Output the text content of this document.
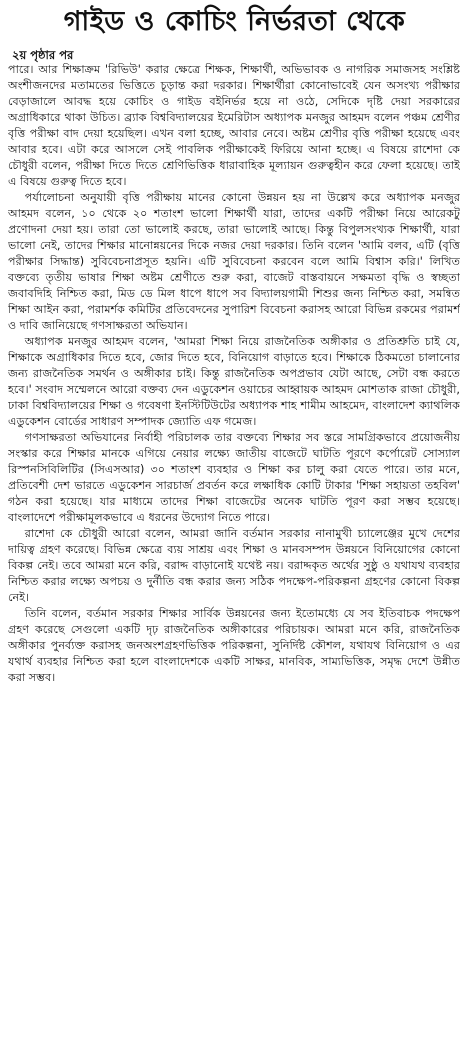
গাইড ও কোচিং নির্ভরতা থেকে
২য় পৃষ্ঠার পর

পারে। আর শিক্ষাক্রম 'রিভিউ' করার ক্ষেত্রে শিক্ষক, শিক্ষার্থী, অভিভাবক ও নাগরিক সমাজসহ সংশ্লিষ্ট অংশীজনদের মতামতের ভিত্তিতে চূড়ান্ত করা দরকার। শিক্ষার্থীরা কোনোভাবেই যেন অসংখ্য পরীক্ষার বেড়াজালে আবদ্ধ হয়ে কোচিং ও গাইড বইনির্ভর হয়ে না ওঠে, সেদিকে দৃষ্টি দেয়া সরকারের অগ্রাধিকারে থাকা উচিত। ব্র্যাক বিশ্ববিদ্যালয়ের ইমেরিটাস অধ্যাপক মনজুর আহমদ বলেন পঞ্চম শ্রেণীর বৃত্তি পরীক্ষা বাদ দেয়া হয়েছিল। এখন বলা হচ্ছে, আবার নেবে। অষ্টম শ্রেণীর বৃত্তি পরীক্ষা হয়েছে এবং আবার হবে। এটা করে আসলে সেই পাবলিক পরীক্ষাকেই ফিরিয়ে আনা হচ্ছে। এ বিষয়ে রাশেদা কে চৌধুরী বলেন, পরীক্ষা দিতে দিতে শ্রেণিভিত্তিক ধারাবাহিক মূল্যায়ন গুরুত্বহীন করে ফেলা হয়েছে। তাই এ বিষয়ে গুরুত্ব দিতে হবে।

পর্যালোচনা অনুযায়ী বৃত্তি পরীক্ষায় মানের কোনো উন্নয়ন হয় না উল্লেখ করে অধ্যাপক মনজুর আহমদ বলেন, ১০ থেকে ২০ শতাংশ ভালো শিক্ষার্থী যারা, তাদের একটি পরীক্ষা নিয়ে আরেকটু প্রণোদনা দেয়া হয়। তারা তো ভালোই করছে, তারা ভালোই আছে। কিন্তু বিপুলসংখ্যক শিক্ষার্থী, যারা ভালো নেই, তাদের শিক্ষার মানোন্নয়নের দিকে নজর দেয়া দরকার। তিনি বলেন 'আমি বলব, এটি (বৃত্তি পরীক্ষার সিদ্ধান্ত) সুবিবেচনাপ্রসূত হয়নি। এটি সুবিবেচনা করবেন বলে আমি বিশ্বাস করি।' লিখিত বক্তব্যে তৃতীয় ভাষার শিক্ষা অষ্টম শ্রেণীতে শুরু করা, বাজেট বাস্তবায়নে সক্ষমতা বৃদ্ধি ও স্বচ্ছতা জবাবদিহি নিশ্চিত করা, মিড ডে মিল ধাপে ধাপে সব বিদ্যালয়গামী শিশুর জন্য নিশ্চিত করা, সমন্বিত শিক্ষা আইন করা, পরামর্শক কমিটির প্রতিবেদনের সুপারিশ বিবেচনা করাসহ আরো বিভিন্ন রকমের পরামর্শ ও দাবি জানিয়েছে গণসাক্ষরতা অভিযান।

অধ্যাপক মনজুর আহমদ বলেন, 'আমরা শিক্ষা নিয়ে রাজনৈতিক অঙ্গীকার ও প্রতিশ্রুতি চাই যে, শিক্ষাকে অগ্রাধিকার দিতে হবে, জোর দিতে হবে, বিনিয়োগ বাড়াতে হবে। শিক্ষাকে ঠিকমতো চালানোর জন্য রাজনৈতিক সমর্থন ও অঙ্গীকার চাই। কিন্তু রাজনৈতিক অপপ্রভাব যেটা আছে, সেটা বন্ধ করতে হবে।' সংবাদ সম্মেলনে আরো বক্তব্য দেন এডুকেশন ওয়াচের আহ্বায়ক আহমদ মোশতাক রাজা চৌধুরী, ঢাকা বিশ্ববিদ্যালয়ের শিক্ষা ও গবেষণা ইনস্টিটিউটের অধ্যাপক শাহ শামীম আহমেদ, বাংলাদেশ ক্যাথলিক এডুকেশন বোর্ডের সাধারণ সম্পাদক জ্যোতি এফ গমেজ।

গণসাক্ষরতা অভিযানের নির্বাহী পরিচালক তার বক্তব্যে শিক্ষার সব স্তরে সামগ্রিকভাবে প্রয়োজনীয় সংস্কার করে শিক্ষার মানকে এগিয়ে নেয়ার লক্ষ্যে জাতীয় বাজেটে ঘাটতি পূরণে কর্পোরেট সোস্যাল রিস্পনসিবিলিটির (সিএসআর) ৩০ শতাংশ ব্যবহার ও শিক্ষা কর চালু করা যেতে পারে। তার মনে, প্রতিবেশী দেশ ভারতে এডুকেশন সারচার্জ প্রবর্তন করে লক্ষাধিক কোটি টাকার 'শিক্ষা সহায়তা তহবিল' গঠন করা হয়েছে। যার মাধ্যমে তাদের শিক্ষা বাজেটের অনেক ঘাটতি পূরণ করা সম্ভব হয়েছে। বাংলাদেশে পরীক্ষামূলকভাবে এ ধরনের উদ্যোগ নিতে পারে।

রাশেদা কে চৌধুরী আরো বলেন, আমরা জানি বর্তমান সরকার নানামুখী চ্যালেঞ্জের মুখে দেশের দায়িত্ব গ্রহণ করেছে। বিভিন্ন ক্ষেত্রে ব্যয় সাশ্রয় এবং শিক্ষা ও মানবসম্পদ উন্নয়নে বিনিয়োগের কোনো বিকল্প নেই। তবে আমরা মনে করি, বরাদ্দ বাড়ানোই যথেষ্ট নয়। বরাদ্দকৃত অর্থের সুষ্ঠু ও যথাযথ ব্যবহার নিশ্চিত করার লক্ষ্যে অপচয় ও দুর্নীতি বন্ধ করার জন্য সঠিক পদক্ষেপ-পরিকল্পনা গ্রহণের কোনো বিকল্প নেই।

তিনি বলেন, বর্তমান সরকার শিক্ষার সার্বিক উন্নয়নের জন্য ইতোমধ্যে যে সব ইতিবাচক পদক্ষেপ গ্রহণ করেছে সেগুলো একটি দৃঢ় রাজনৈতিক অঙ্গীকারের পরিচায়ক। আমরা মনে করি, রাজনৈতিক অঙ্গীকার পুনর্ব্যক্ত করাসহ জনঅংশগ্রহণভিত্তিক পরিকল্পনা, সুনির্দিষ্ট কৌশল, যথাযথ বিনিয়োগ ও এর যথার্থ ব্যবহার নিশ্চিত করা হলে বাংলাদেশকে একটি সাক্ষর, মানবিক, সাম্যভিত্তিক, সমৃদ্ধ দেশে উন্নীত করা সম্ভব।
